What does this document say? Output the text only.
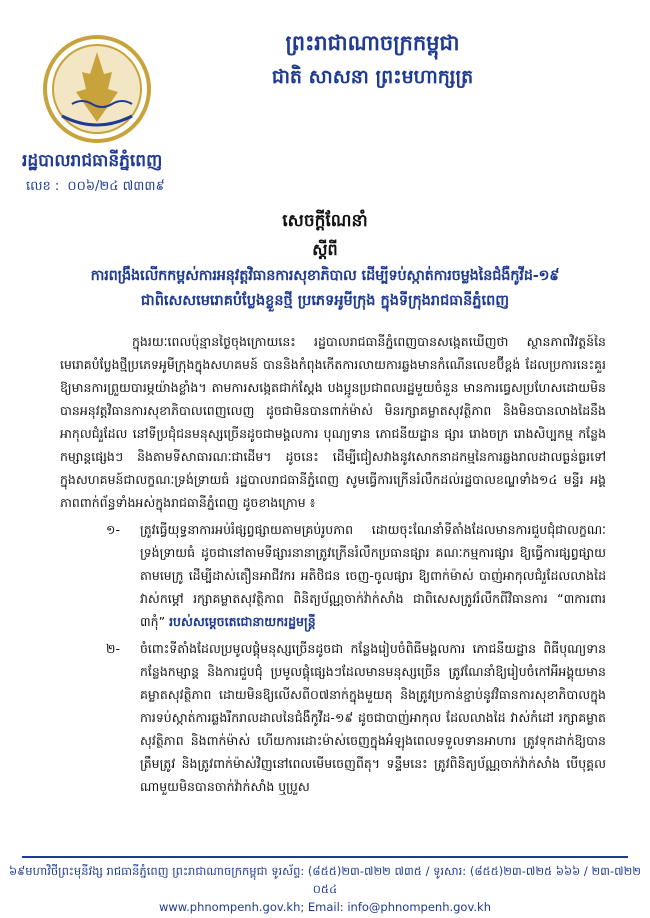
ព្រះរាជាណាចក្រកម្ពុជា
ជាតិ សាសនា ព្រះមហាក្សត្រ
រដ្ឋបាលរាជធានីភ្នំពេញ
លេខ : ០០៦/២៤ ៧៣៣៩
សេចក្តីណែនាំ
ស្តីពី
ការពង្រឹងលើកកម្ពស់ការអនុវត្តវិធានការសុខាភិបាល ដើម្បីទប់ស្កាត់ការចម្លងនៃជំងឺកូវីដ-១៩
ជាពិសេសមេរោគបំប្លែងខ្លួនថ្មី ប្រភេទអូមីក្រុង ក្នុងទីក្រុងរាជធានីភ្នំពេញ

ក្នុងរយៈពេលប៉ុន្មានថ្ងៃចុងក្រោយនេះ រដ្ឋបាលរាជធានីភ្នំពេញបានសង្កេតឃើញថា ស្ថានភាពវិវត្តន៍នៃមេរោគបំប្លែងថ្មីប្រភេទអូមីក្រុងក្នុងសហគមន៍ បាននិងកំពុងកើតការលាយការឆ្លងមានកំណើនលេខប៊ីខ្ពង់ ដែលប្រការនេះគួរឱ្យមានការព្រួយបារម្ភយ៉ាងខ្លាំង។ តាមការសង្កេតជាក់ស្តែង បងប្អូនប្រជាពលរដ្ឋមួយចំនួន មានការធ្វេសប្រហែសដោយមិនបានអនុវត្តវិធានការសុខាភិបាលពេញលេញ ដូចជាមិនបានពាក់ម៉ាស់ មិនរក្សាគម្លាតសុវត្ថិភាព និងមិនបានលាងដៃនឹងអាកុលជំរួដែល នៅទីប្រជុំជនមនុស្សច្រើនដូចជាមង្គលការ បុណ្យទាន ភោជនីយដ្ឋាន ផ្សារ រោងចក្រ រោងសិប្បកម្ម កន្លែងកម្សាន្តផ្សេងៗ និងតាមទីសាធារណៈជាដើម។ ដូចនេះ ដើម្បីជៀសវាងនូវសោកនាដកម្មនៃការឆ្លងរាលដាលធ្ងន់ធ្ងរទៅក្នុងសហគមន៍ជាលក្ខណៈទ្រង់ទ្រាយធំ រដ្ឋបាលរាជធានីភ្នំពេញ សូមធ្វើការក្រើនរំលឹកដល់រដ្ឋបាលខណ្ឌទាំង១៤ មន្ទីរ អង្គភាពពាក់ព័ន្ធទាំងអស់ក្នុងរាជធានីភ្នំពេញ ដូចខាងក្រោម ៖

១-	ត្រូវធ្វើយុទ្ធនាការអប់រំផ្សព្វផ្សាយតាមគ្រប់រូបភាព ដោយចុះណែនាំទីតាំងដែលមានការជួបជុំជាលក្ខណៈទ្រង់ទ្រាយធំ ដូចជានៅតាមទីផ្សារនានាត្រូវក្រើនរំលឹកប្រធានផ្សារ គណៈកម្មការផ្សារ ឱ្យធ្វើការផ្សព្វផ្សាយតាមមេក្រូ ដើម្បីដាស់តឿនអាជីវករ អតិថិជន ចេញ-ចូលផ្សារ ឱ្យពាក់ម៉ាស់ បាញ់អាកុលជំរួដែលលាងដៃ វាស់កម្ដៅ រក្សាគម្លាតសុវត្ថិភាព ពិនិត្យប័ណ្ណចាក់វ៉ាក់សាំង ជាពិសេសត្រូវរំលឹកពីវិធានការ “៣ការពារ ៣កុំ” របស់សម្តេចតេជោនាយករដ្ឋមន្ត្រី

២-	ចំពោះទីតាំងដែលប្រមូលផ្តុំមនុស្សច្រើនដូចជា កន្លែងរៀបចំពិធីមង្គលការ ភោជនីយដ្ឋាន ពិធីបុណ្យទាន កន្លែងកម្សាន្ត និងការជួបជុំ ប្រមូលផ្តុំផ្សេងៗដែលមានមនុស្សច្រើន ត្រូវណែនាំឱ្យរៀបចំកៅអីអង្គុយមានគម្លាតសុវត្ថិភាព ដោយមិនឱ្យលើសពី០៧នាក់ក្នុងមួយតុ និងត្រូវប្រកាន់ខ្ជាប់នូវវិធានការសុខាភិបាលក្នុងការទប់ស្កាត់ការឆ្លងរីករាលដាលនៃជំងឺកូវីដ-១៩ ដូចជាបាញ់អាកុល ដែលលាងដៃ វាស់កំដៅ រក្សាគម្លាតសុវត្ថិភាព និងពាក់ម៉ាស់ ហើយការដោះម៉ាស់ចេញក្នុងអំឡុងពេលទទួលទានអាហារ ត្រូវទុកដាក់ឱ្យបានត្រឹមត្រូវ និងត្រូវពាក់ម៉ាស់វិញនៅពេលមើមចេញពីតុ។ ទន្ទឹមនេះ ត្រូវពិនិត្យប័ណ្ណចាក់វ៉ាក់សាំង បើបុគ្គលណាមួយមិនបានចាក់វ៉ាក់សាំង ឬប្រួស

៦៩មហាវិថីព្រះមុនីវង្ស រាជធានីភ្នំពេញ ព្រះរាជាណាចក្រកម្ពុជា ទូរស័ព្ទ: (៨៥៥)២៣-៧២២ ៧៣៥ / ទូរសារ: (៨៥៥)២៣-៧២៥ ៦៦៦ / ២៣-៧២២ ០៥៤
www.phnompenh.gov.kh; Email: info@phnompenh.gov.kh
